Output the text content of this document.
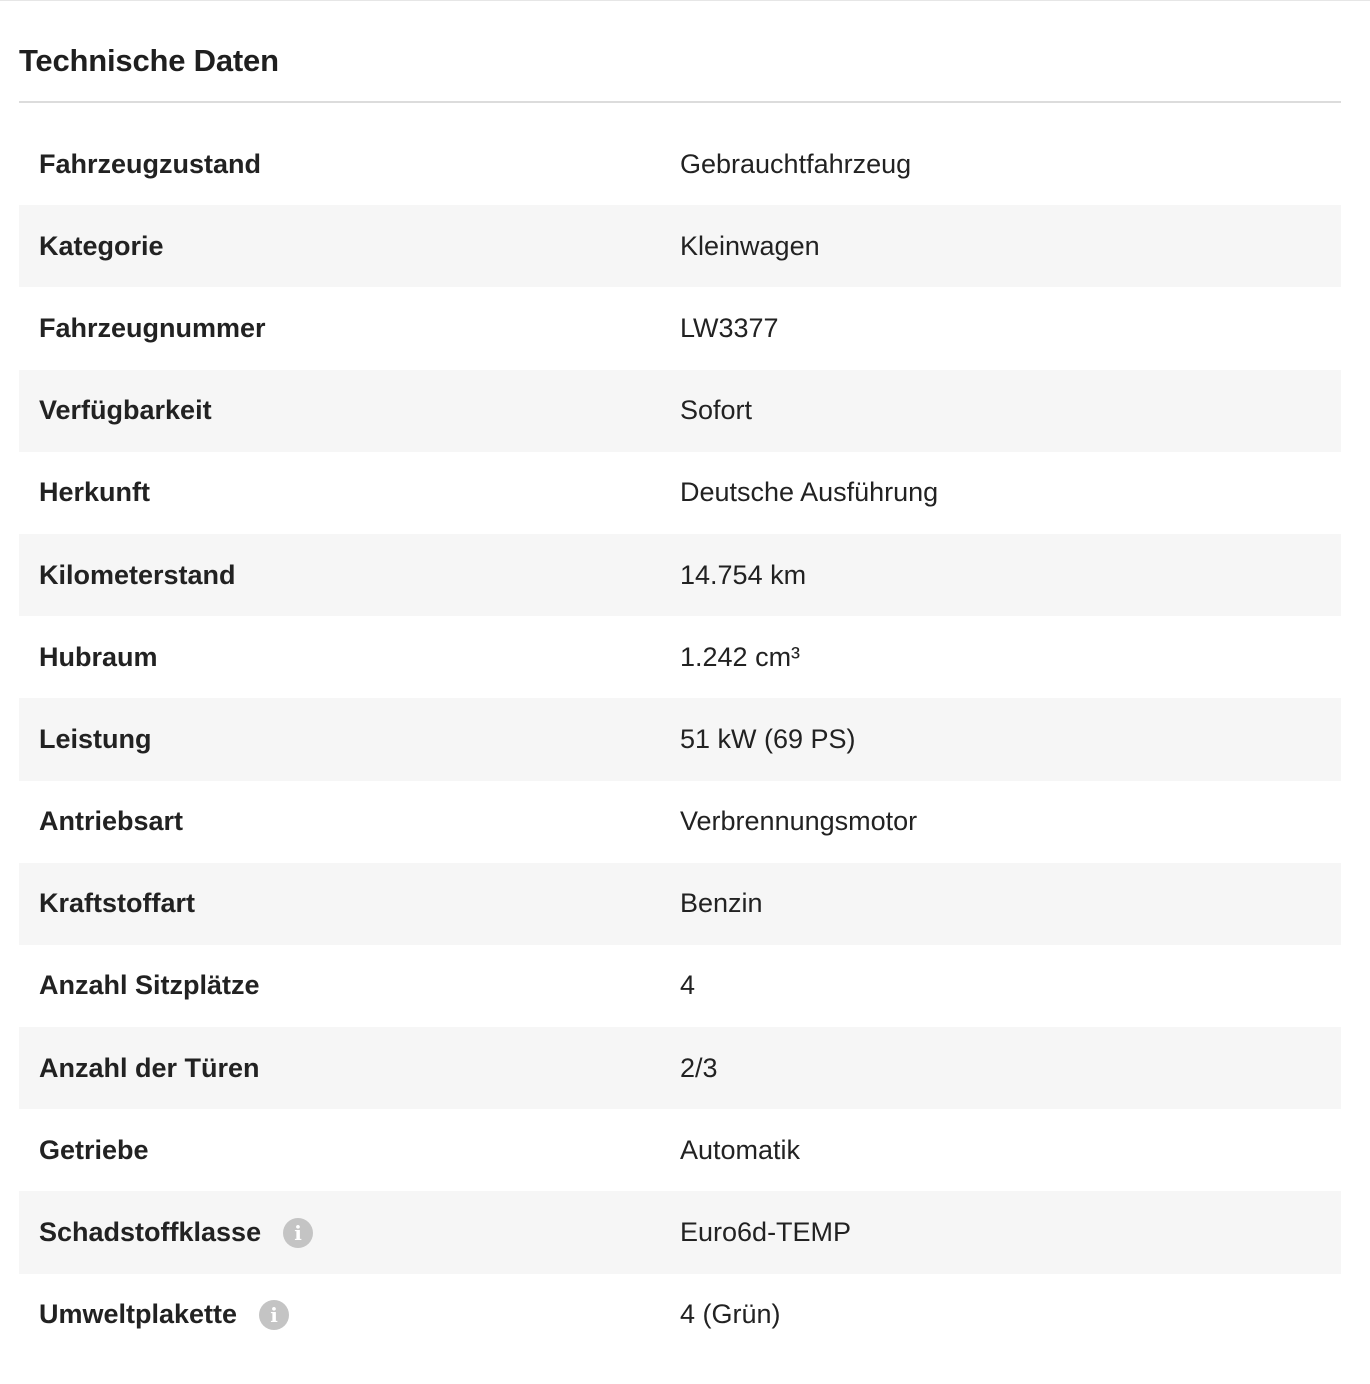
Technische Daten
Fahrzeugzustand	Gebrauchtfahrzeug
Kategorie	Kleinwagen
Fahrzeugnummer	LW3377
Verfügbarkeit	Sofort
Herkunft	Deutsche Ausführung
Kilometerstand	14.754 km
Hubraum	1.242 cm³
Leistung	51 kW (69 PS)
Antriebsart	Verbrennungsmotor
Kraftstoffart	Benzin
Anzahl Sitzplätze	4
Anzahl der Türen	2/3
Getriebe	Automatik
Schadstoffklasse	i	Euro6d-TEMP
Umweltplakette	i	4 (Grün)
